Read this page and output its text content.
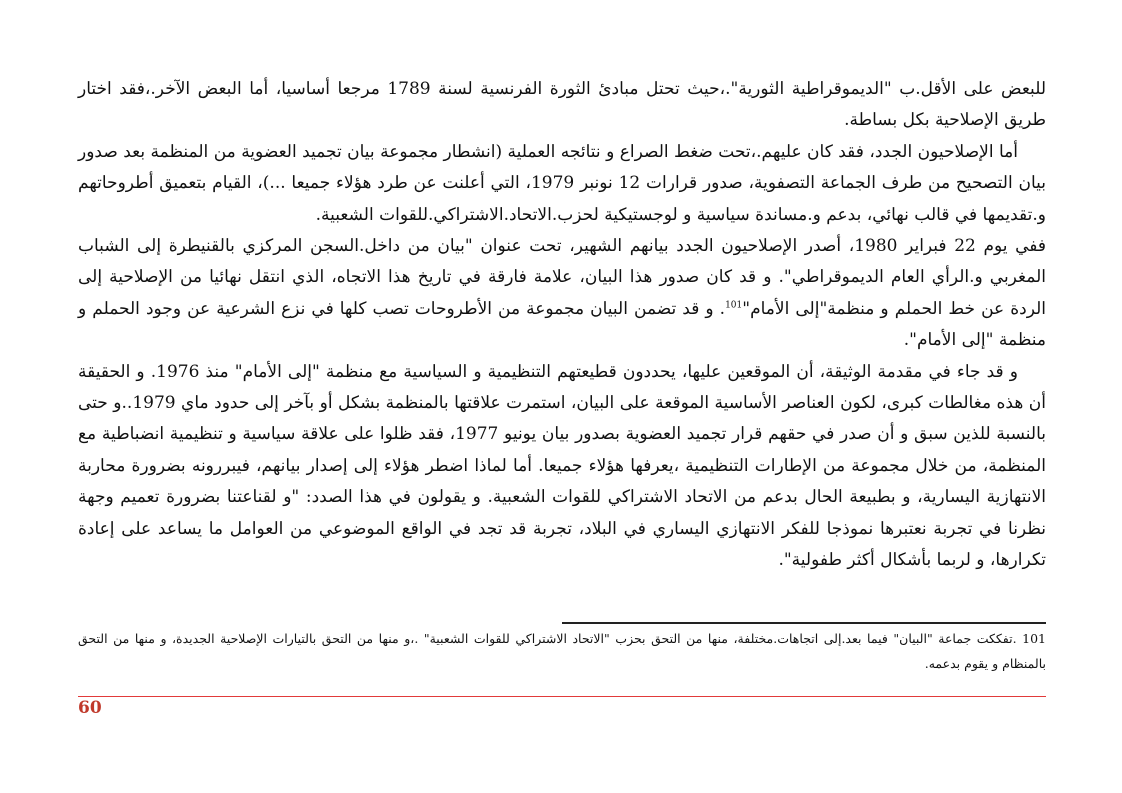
للبعض على الأقل.ب "الديموقراطية الثورية".،حيث تحتل مبادئ الثورة الفرنسية لسنة 1789 مرجعا أساسيا، أما البعض الآخر.،فقد اختار طريق الإصلاحية بكل بساطة.

أما الإصلاحيون الجدد، فقد كان عليهم.،تحت ضغط الصراع و نتائجه العملية (انشطار مجموعة بيان تجميد العضوية من المنظمة بعد صدور بيان التصحيح من طرف الجماعة التصفوية، صدور قرارات 12 نونبر 1979، التي أعلنت عن طرد هؤلاء جميعا ...)، القيام بتعميق أطروحاتهم و.تقديمها في قالب نهائي، بدعم و.مساندة سياسية و لوجستيكية لحزب.الاتحاد.الاشتراكي.للقوات الشعبية.

ففي يوم 22 فبراير 1980، أصدر الإصلاحيون الجدد بيانهم الشهير، تحت عنوان "بيان من داخل.السجن المركزي بالقنيطرة إلى الشباب المغربي و.الرأي العام الديموقراطي". و قد كان صدور هذا البيان، علامة فارقة في تاريخ هذا الاتجاه، الذي انتقل نهائيا من الإصلاحية إلى الردة عن خط الحملم و منظمة"إلى الأمام"$^{101}$. و قد تضمن البيان مجموعة من الأطروحات تصب كلها في نزع الشرعية عن وجود الحملم و منظمة "إلى الأمام".

و قد جاء في مقدمة الوثيقة، أن الموقعين عليها، يحددون قطيعتهم التنظيمية و السياسية مع منظمة "إلى الأمام" منذ 1976. و الحقيقة أن هذه مغالطات كبرى، لكون العناصر الأساسية الموقعة على البيان، استمرت علاقتها بالمنظمة بشكل أو بآخر إلى حدود ماي 1979..و حتى بالنسبة للذين سبق و أن صدر في حقهم قرار تجميد العضوية بصدور بيان يونيو 1977، فقد ظلوا على علاقة سياسية و تنظيمية انضباطية مع المنظمة، من خلال مجموعة من الإطارات التنظيمية ،يعرفها هؤلاء جميعا. أما لماذا اضطر هؤلاء إلى إصدار بيانهم، فيبررونه بضرورة محاربة الانتهازية اليسارية، و بطبيعة الحال بدعم من الاتحاد الاشتراكي للقوات الشعبية. و يقولون في هذا الصدد: "و لقناعتنا بضرورة تعميم وجهة نظرنا في تجربة نعتبرها نموذجا للفكر الانتهازي اليساري في البلاد، تجربة قد تجد في الواقع الموضوعي من العوامل ما يساعد على إعادة تكرارها، و لربما بأشكال أكثر طفولية".

101 .تفككت جماعة "البيان" فيما بعد.إلى اتجاهات.مختلفة، منها من التحق بحزب "الاتحاد الاشتراكي للقوات الشعبية" .،و منها من التحق بالتيارات الإصلاحية الجديدة، و منها من التحق بالمنظام و يقوم بدعمه.

60
